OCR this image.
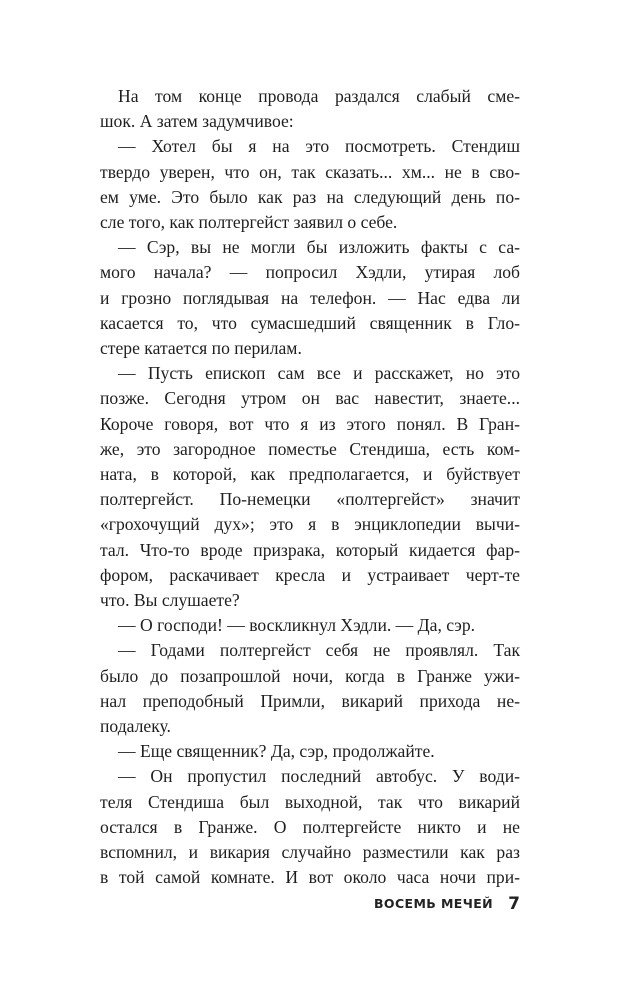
На том конце провода раздался слабый сме-
шок. А затем задумчивое:
— Хотел бы я на это посмотреть. Стендиш
твердо уверен, что он, так сказать... хм... не в сво-
ем уме. Это было как раз на следующий день по-
сле того, как полтергейст заявил о себе.
— Сэр, вы не могли бы изложить факты с са-
мого начала? — попросил Хэдли, утирая лоб
и грозно поглядывая на телефон. — Нас едва ли
касается то, что сумасшедший священник в Гло-
стере катается по перилам.
— Пусть епископ сам все и расскажет, но это
позже. Сегодня утром он вас навестит, знаете...
Короче говоря, вот что я из этого понял. В Гран-
же, это загородное поместье Стендиша, есть ком-
ната, в которой, как предполагается, и буйствует
полтергейст. По-немецки «полтергейст» значит
«грохочущий дух»; это я в энциклопедии вычи-
тал. Что-то вроде призрака, который кидается фар-
фором, раскачивает кресла и устраивает черт-те
что. Вы слушаете?
— О господи! — воскликнул Хэдли. — Да, сэр.
— Годами полтергейст себя не проявлял. Так
было до позапрошлой ночи, когда в Гранже ужи-
нал преподобный Примли, викарий прихода не-
подалеку.
— Еще священник? Да, сэр, продолжайте.
— Он пропустил последний автобус. У води-
теля Стендиша был выходной, так что викарий
остался в Гранже. О полтергейсте никто и не
вспомнил, и викария случайно разместили как раз
в той самой комнате. И вот около часа ночи при-
ВОСЕМЬ МЕЧЕЙ 7
